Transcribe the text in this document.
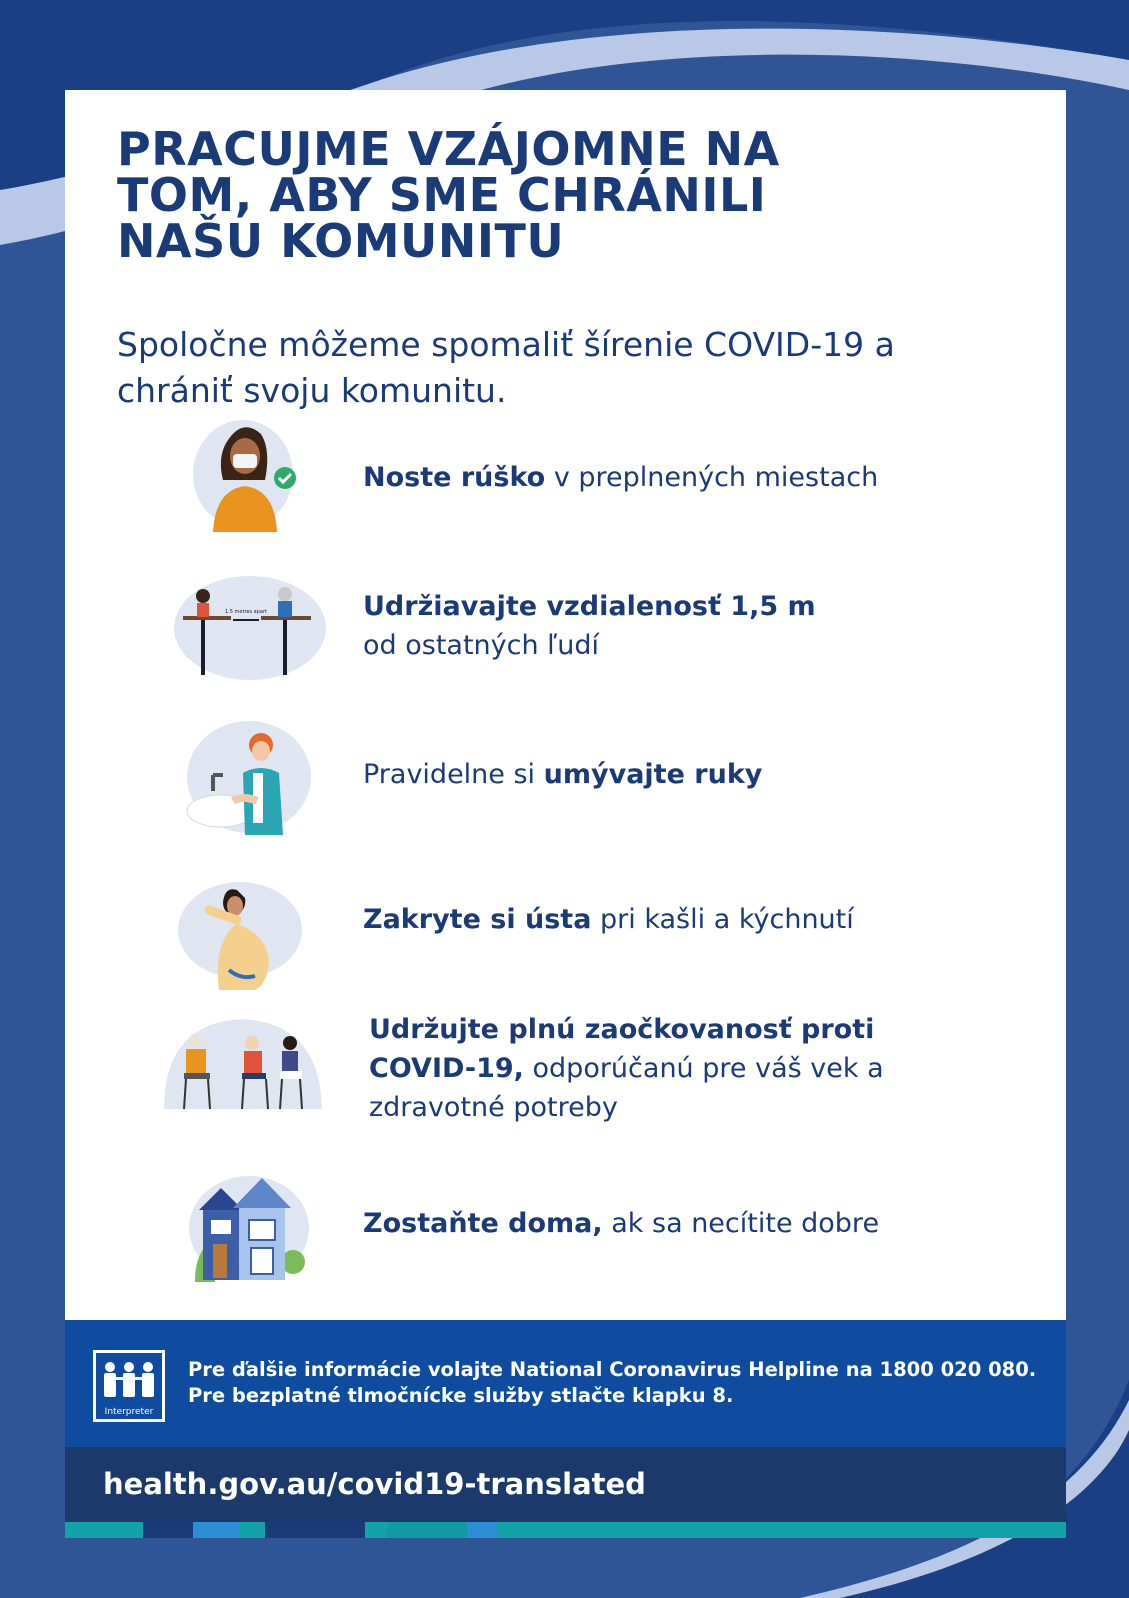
PRACUJME VZÁJOMNE NA TOM, ABY SME CHRÁNILI NAŠU KOMUNITU

Spoločne môžeme spomaliť šírenie COVID-19 a chrániť svoju komunitu.

Noste rúško v preplnených miestach
1.5 metres apart	Udržiavajte vzdialenosť 1,5 m
od ostatných ľudí
Pravidelne si umývajte ruky
Zakryte si ústa pri kašli a kýchnutí
Udržujte plnú zaočkovanosť proti COVID-19, odporúčanú pre váš vek a zdravotné potreby
Zostaňte doma, ak sa necítite dobre
Interpreter

Pre ďalšie informácie volajte National Coronavirus Helpline na 1800 020 080. Pre bezplatné tlmočnícke služby stlačte klapku 8.

health.gov.au/covid19-translated
